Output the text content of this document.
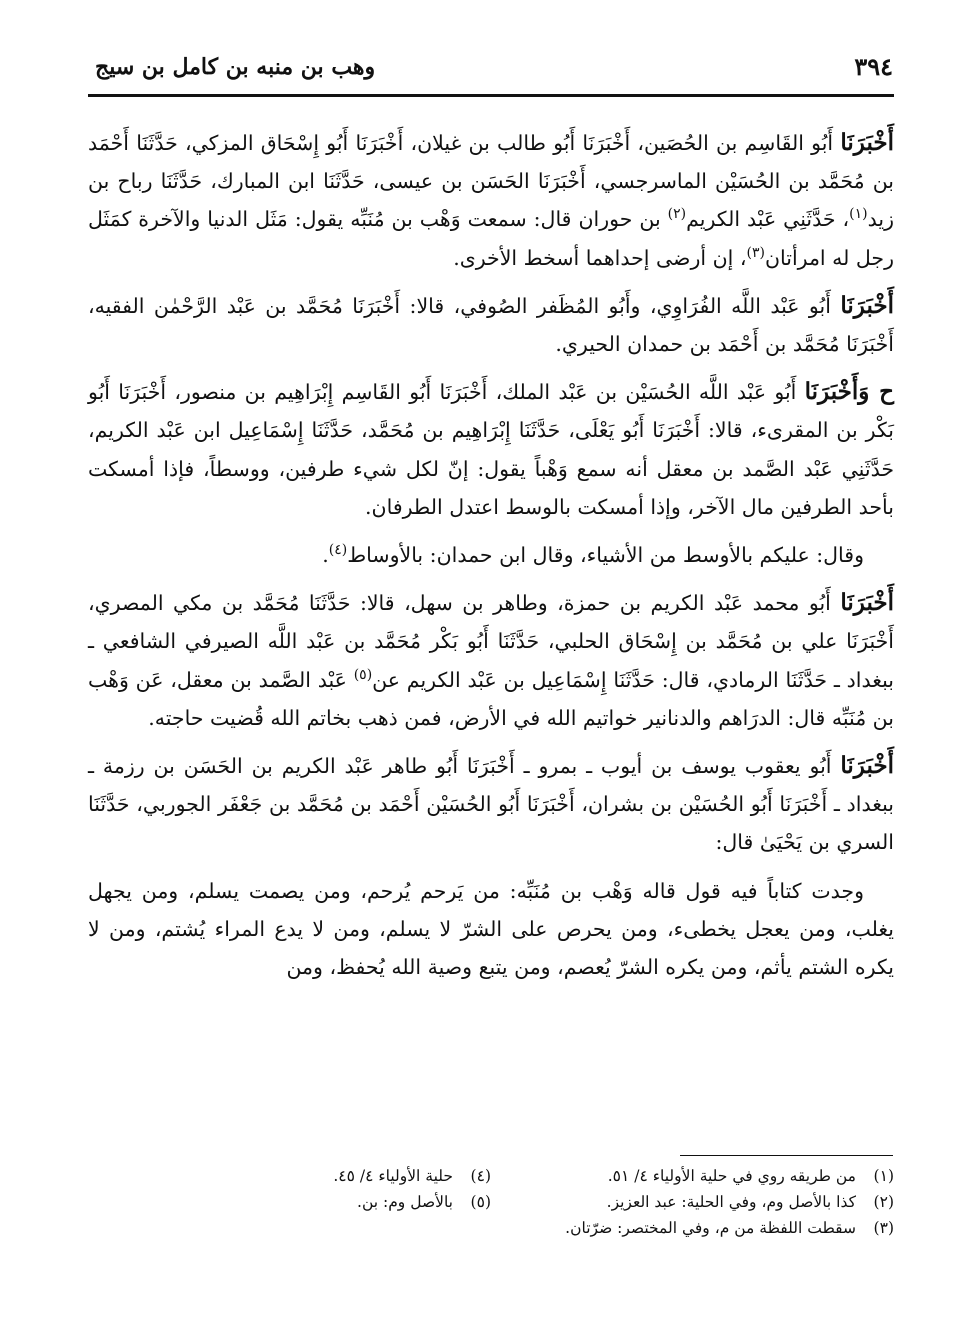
٣٩٤
وهب بن منبه بن كامل بن سيج

أَخْبَرَنَا أَبُو القَاسِم بن الحُصَين، أَخْبَرَنَا أَبُو طالب بن غيلان، أَخْبَرَنَا أَبُو إِسْحَاق المزكي، حَدَّثَنَا أَحْمَد بن مُحَمَّد بن الحُسَيْن الماسرجسي، أَخْبَرَنَا الحَسَن بن عيسى، حَدَّثَنَا ابن المبارك، حَدَّثَنَا رباح بن زيد$^{(١)}$، حَدَّثَنِي عَبْد الكريم$^{(٢)}$ بن حوران قال: سمعت وَهْب بن مُنَبِّه يقول: مَثَل الدنيا والآخرة كمَثَل رجل له امرأتان$^{(٣)}$، إن أرضى إحداهما أسخط الأخرى.

أَخْبَرَنَا أَبُو عَبْد اللَّه الفُرَاوِي، وأَبُو المُظَفر الصُوفي، قالا: أَخْبَرَنَا مُحَمَّد بن عَبْد الرَّحْمٰن الفقيه، أَخْبَرَنَا مُحَمَّد بن أَحْمَد بن حمدان الحيري.

ح وَأَخْبَرَنَا أَبُو عَبْد اللَّه الحُسَيْن بن عَبْد الملك، أَخْبَرَنَا أَبُو القَاسِم إِبْرَاهِيم بن منصور، أَخْبَرَنَا أَبُو بَكْر بن المقرىء، قالا: أَخْبَرَنَا أَبُو يَعْلَى، حَدَّثَنَا إِبْرَاهِيم بن مُحَمَّد، حَدَّثَنَا إِسْمَاعِيل ابن عَبْد الكريم، حَدَّثَنِي عَبْد الصَّمد بن معقل أنه سمع وَهْباً يقول: إنّ لكل شيء طرفين، ووسطاً، فإذا أمسكت بأحد الطرفين مال الآخر، وإذا أمسكت بالوسط اعتدل الطرفان.

وقال: عليكم بالأوسط من الأشياء، وقال ابن حمدان: بالأوساط$^{(٤)}$.

أَخْبَرَنَا أَبُو محمد عَبْد الكريم بن حمزة، وطاهر بن سهل، قالا: حَدَّثَنَا مُحَمَّد بن مكي المصري، أَخْبَرَنَا علي بن مُحَمَّد بن إِسْحَاق الحلبي، حَدَّثَنَا أَبُو بَكْر مُحَمَّد بن عَبْد اللَّه الصيرفي الشافعي ـ ببغداد ـ حَدَّثَنَا الرمادي، قال: حَدَّثَنَا إِسْمَاعِيل بن عَبْد الكريم عن$^{(٥)}$ عَبْد الصَّمد بن معقل، عَن وَهْب بن مُنَبِّه قال: الدرَاهم والدنانير خواتيم الله في الأرض، فمن ذهب بخاتم الله قُضيت حاجته.

أَخْبَرَنَا أَبُو يعقوب يوسف بن أيوب ـ بمرو ـ أَخْبَرَنَا أَبُو طاهر عَبْد الكريم بن الحَسَن بن رزمة ـ ببغداد ـ أَخْبَرَنَا أَبُو الحُسَيْن بن بشران، أَخْبَرَنَا أَبُو الحُسَيْن أَحْمَد بن مُحَمَّد بن جَعْفَر الجوربي، حَدَّثَنَا السري بن يَحْيَىٰ قال:

وجدت كتاباً فيه قول قاله وَهْب بن مُنَبِّه: من يَرحم يُرحم، ومن يصمت يسلم، ومن يجهل يغلب، ومن يعجل يخطىء، ومن يحرص على الشرّ لا يسلم، ومن لا يدع المراء يُشتم، ومن لا يكره الشتم يأثم، ومن يكره الشرّ يُعصم، ومن يتبع وصية الله يُحفظ، ومن

(١)من طريقه روي في حلية الأولياء ٤/ ٥١.
(٤)حلية الأولياء ٤/ ٤٥.
(٢)كذا بالأصل وم، وفي الحلية: عبد العزيز.
(٥)بالأصل وم: بن.
(٣)سقطت اللفظة من م، وفي المختصر: ضرّتان.
